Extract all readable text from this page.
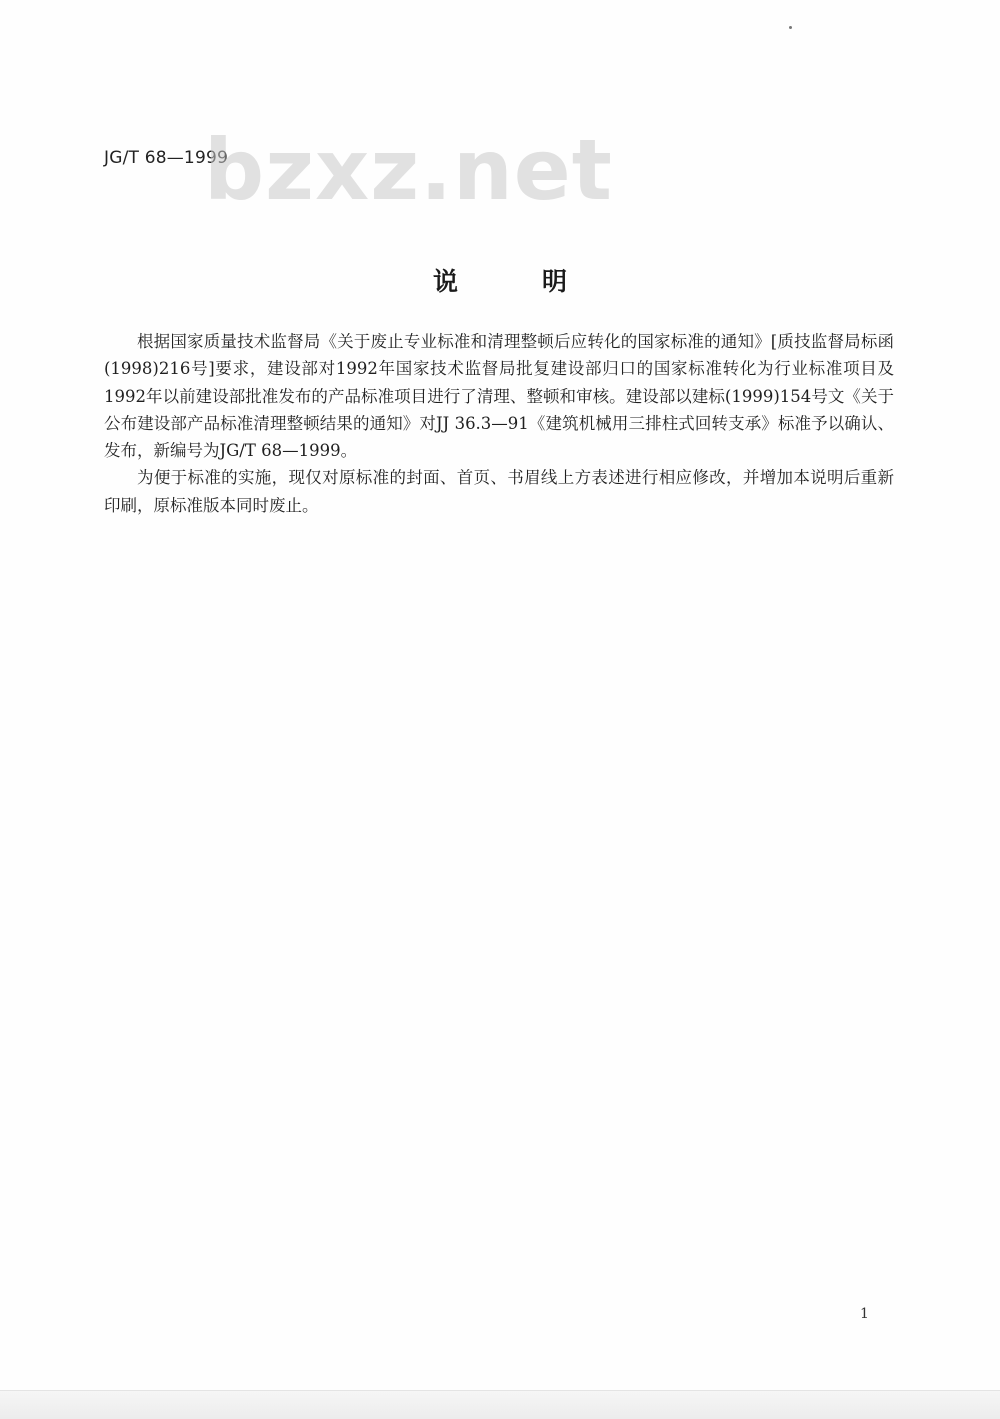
JG/T 68—1999
bzxz.net
说	明

根据国家质量技术监督局《关于废止专业标准和清理整顿后应转化的国家标准的通知》[质技监督局标函(1998)216号]要求，建设部对1992年国家技术监督局批复建设部归口的国家标准转化为行业标准项目及1992年以前建设部批准发布的产品标准项目进行了清理、整顿和审核。建设部以建标(1999)154号文《关于公布建设部产品标准清理整顿结果的通知》对JJ 36.3—91《建筑机械用三排柱式回转支承》标准予以确认、发布，新编号为JG/T 68—1999。

为便于标准的实施，现仅对原标准的封面、首页、书眉线上方表述进行相应修改，并增加本说明后重新印刷，原标准版本同时废止。

1
